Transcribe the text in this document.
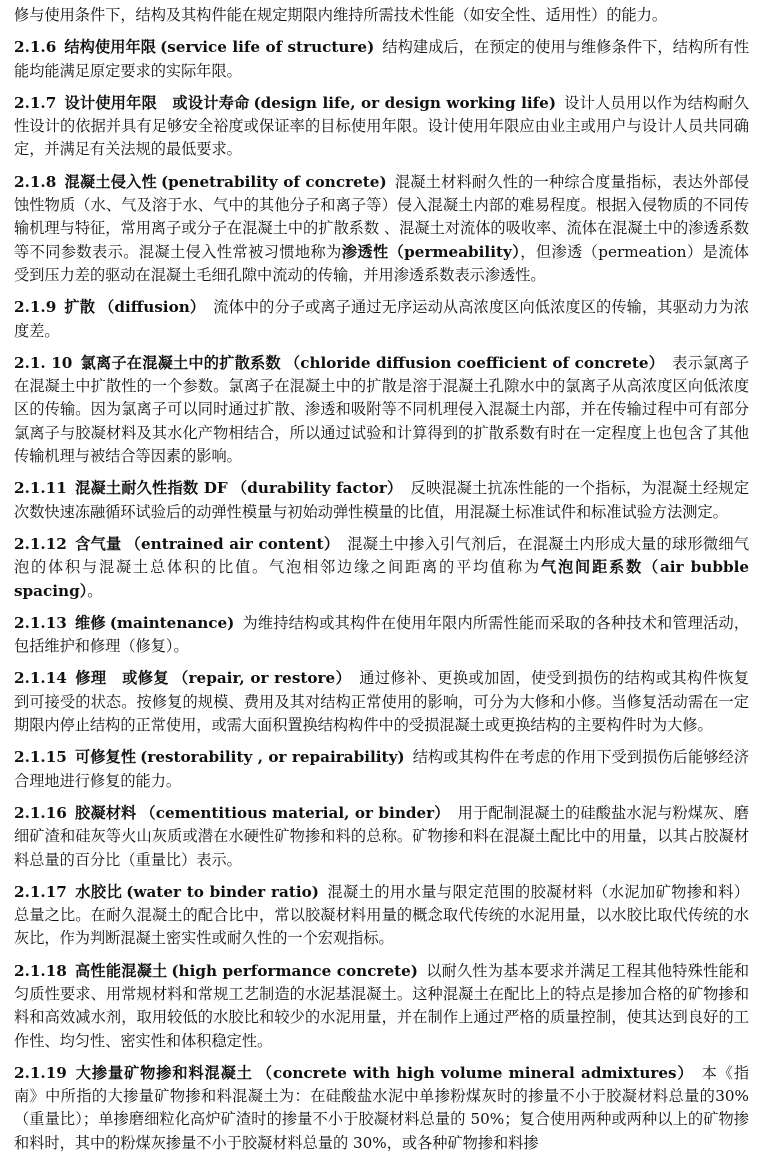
修与使用条件下，结构及其构件能在规定期限内维持所需技术性能（如安全性、适用性）的能力。

2.1.6 结构使用年限 (service life of structure) 结构建成后，在预定的使用与维修条件下，结构所有性能均能满足原定要求的实际年限。

2.1.7 设计使用年限　或设计寿命 (design life, or design working life) 设计人员用以作为结构耐久性设计的依据并具有足够安全裕度或保证率的目标使用年限。设计使用年限应由业主或用户与设计人员共同确定，并满足有关法规的最低要求。

2.1.8 混凝土侵入性 (penetrability of concrete) 混凝土材料耐久性的一种综合度量指标，表达外部侵蚀性物质（水、气及溶于水、气中的其他分子和离子等）侵入混凝土内部的难易程度。根据入侵物质的不同传输机理与特征，常用离子或分子在混凝土中的扩散系数 、混凝土对流体的吸收率、流体在混凝土中的渗透系数等不同参数表示。混凝土侵入性常被习惯地称为渗透性（permeability），但渗透（permeation）是流体受到压力差的驱动在混凝土毛细孔隙中流动的传输，并用渗透系数表示渗透性。

2.1.9 扩散 （diffusion） 流体中的分子或离子通过无序运动从高浓度区向低浓度区的传输，其驱动力为浓度差。

2.1. 10 氯离子在混凝土中的扩散系数 （chloride diffusion coefficient of concrete） 表示氯离子在混凝土中扩散性的一个参数。氯离子在混凝土中的扩散是溶于混凝土孔隙水中的氯离子从高浓度区向低浓度区的传输。因为氯离子可以同时通过扩散、渗透和吸附等不同机理侵入混凝土内部，并在传输过程中可有部分氯离子与胶凝材料及其水化产物相结合，所以通过试验和计算得到的扩散系数有时在一定程度上也包含了其他传输机理与被结合等因素的影响。

2.1.11 混凝土耐久性指数 DF （durability factor） 反映混凝土抗冻性能的一个指标，为混凝土经规定次数快速冻融循环试验后的动弹性模量与初始动弹性模量的比值，用混凝土标准试件和标准试验方法测定。

2.1.12 含气量 （entrained air content） 混凝土中掺入引气剂后，在混凝土内形成大量的球形微细气泡的体积与混凝土总体积的比值。气泡相邻边缘之间距离的平均值称为气泡间距系数（air bubble spacing）。

2.1.13 维修 (maintenance) 为维持结构或其构件在使用年限内所需性能而采取的各种技术和管理活动，包括维护和修理（修复）。

2.1.14 修理　或修复 （repair, or restore） 通过修补、更换或加固，使受到损伤的结构或其构件恢复到可接受的状态。按修复的规模、费用及其对结构正常使用的影响，可分为大修和小修。当修复活动需在一定期限内停止结构的正常使用，或需大面积置换结构构件中的受损混凝土或更换结构的主要构件时为大修。

2.1.15 可修复性 (restorability , or repairability) 结构或其构件在考虑的作用下受到损伤后能够经济合理地进行修复的能力。

2.1.16 胶凝材料 （cementitious material, or binder） 用于配制混凝土的硅酸盐水泥与粉煤灰、磨细矿渣和硅灰等火山灰质或潜在水硬性矿物掺和料的总称。矿物掺和料在混凝土配比中的用量，以其占胶凝材料总量的百分比（重量比）表示。

2.1.17 水胶比 (water to binder ratio) 混凝土的用水量与限定范围的胶凝材料（水泥加矿物掺和料）总量之比。在耐久混凝土的配合比中，常以胶凝材料用量的概念取代传统的水泥用量，以水胶比取代传统的水灰比，作为判断混凝土密实性或耐久性的一个宏观指标。

2.1.18 高性能混凝土 (high performance concrete) 以耐久性为基本要求并满足工程其他特殊性能和匀质性要求、用常规材料和常规工艺制造的水泥基混凝土。这种混凝土在配比上的特点是掺加合格的矿物掺和料和高效减水剂，取用较低的水胶比和较少的水泥用量，并在制作上通过严格的质量控制，使其达到良好的工作性、均匀性、密实性和体积稳定性。

2.1.19 大掺量矿物掺和料混凝土 （concrete with high volume mineral admixtures） 本《指南》中所指的大掺量矿物掺和料混凝土为：在硅酸盐水泥中单掺粉煤灰时的掺量不小于胶凝材料总量的30%（重量比）；单掺磨细粒化高炉矿渣时的掺量不小于胶凝材料总量的 50%；复合使用两种或两种以上的矿物掺和料时，其中的粉煤灰掺量不小于胶凝材料总量的 30%，或各种矿物掺和料掺
